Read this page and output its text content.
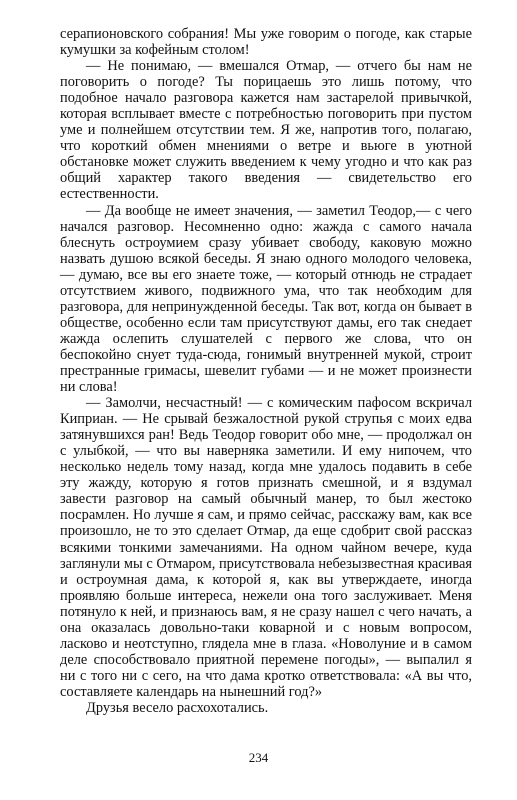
серапионовского собрания! Мы уже говорим о погоде, как старые кумушки за кофейным столом!

— Не понимаю, — вмешался Отмар, — отчего бы нам не поговорить о погоде? Ты порицаешь это лишь потому, что подобное начало разговора кажется нам застарелой привычкой, которая всплывает вместе с потребностью поговорить при пустом уме и полнейшем отсутствии тем. Я же, напротив того, полагаю, что короткий обмен мнениями о ветре и вьюге в уютной обстановке может служить введением к чему угодно и что как раз общий характер такого введения — свидетельство его естественности.

— Да вообще не имеет значения, — заметил Теодор,— с чего начался разговор. Несомненно одно: жажда с самого начала блеснуть остроумием сразу убивает свободу, каковую можно назвать душою всякой беседы. Я знаю одного молодого человека, — думаю, все вы его знаете тоже, — который отнюдь не страдает отсутствием живого, подвижного ума, что так необходим для разговора, для непринужденной беседы. Так вот, когда он бывает в обществе, особенно если там присутствуют дамы, его так снедает жажда ослепить слушателей с первого же слова, что он беспокойно снует туда-сюда, гонимый внутренней мукой, строит престранные гримасы, шевелит губами — и не может произнести ни слова!

— Замолчи, несчастный! — с комическим пафосом вскричал Киприан. — Не срывай безжалостной рукой струпья с моих едва затянувшихся ран! Ведь Теодор говорит обо мне, — продолжал он с улыбкой, — что вы наверняка заметили. И ему нипочем, что несколько недель тому назад, когда мне удалось подавить в себе эту жажду, которую я готов признать смешной, и я вздумал завести разговор на самый обычный манер, то был жестоко посрамлен. Но лучше я сам, и прямо сейчас, расскажу вам, как все произошло, не то это сделает Отмар, да еще сдобрит свой рассказ всякими тонкими замечаниями. На одном чайном вечере, куда заглянули мы с Отмаром, присутствовала небезызвестная красивая и остроумная дама, к которой я, как вы утверждаете, иногда проявляю больше интереса, нежели она того заслуживает. Меня потянуло к ней, и признаюсь вам, я не сразу нашел с чего начать, а она оказалась довольно-таки коварной и с новым вопросом, ласково и неотступно, глядела мне в глаза. «Новолуние и в самом деле способствовало приятной перемене погоды», — выпалил я ни с того ни с сего, на что дама кротко ответствовала: «А вы что, составляете календарь на нынешний год?»

Друзья весело расхохотались.

234
